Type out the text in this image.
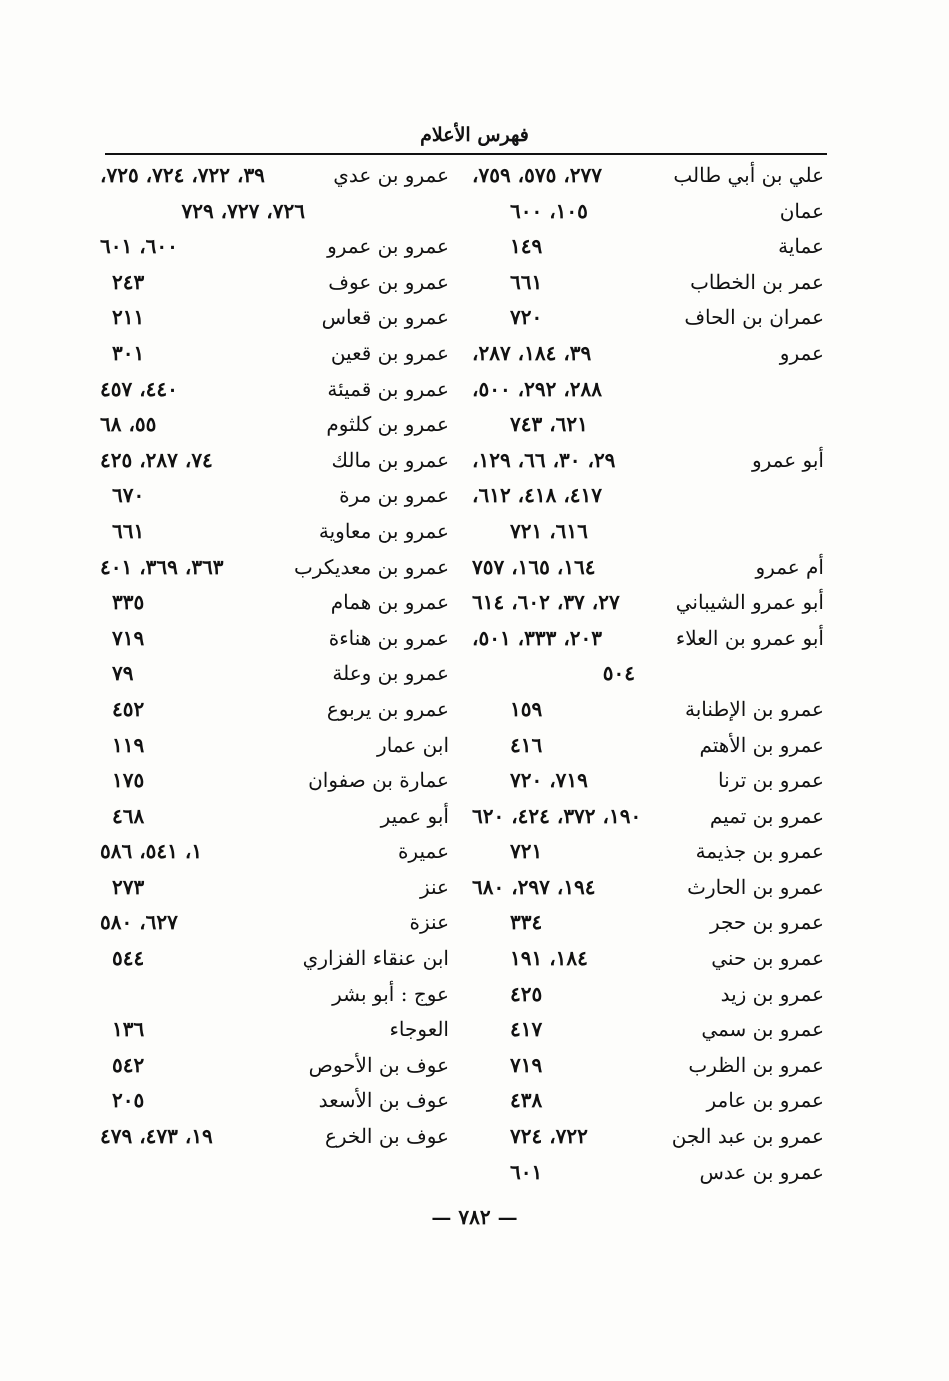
فهرس الأعلام
علي بن أبي طالب
٢٧٧، ٥٧٥، ٧٥٩،
عمان
١٠٥، ٦٠٠
عماية
١٤٩
عمر بن الخطاب
٦٦١
عمران بن الحاف
٧٢٠
عمرو
٣٩، ١٨٤، ٢٨٧،
٢٨٨، ٢٩٢، ٥٠٠،
٦٢١، ٧٤٣
أبو عمرو
٢٩، ٣٠، ٦٦، ١٢٩،
٤١٧، ٤١٨، ٦١٢،
٦١٦، ٧٢١
أم عمرو
١٦٤، ١٦٥، ٧٥٧
أبو عمرو الشيباني
٢٧، ٣٧، ٦٠٢، ٦١٤
أبو عمرو بن العلاء
٢٠٣، ٣٣٣، ٥٠١،
٥٠٤
عمرو بن الإطنابة
١٥٩
عمرو بن الأهتم
٤١٦
عمرو بن ترنا
٧١٩، ٧٢٠
عمرو بن تميم
١٩٠، ٣٧٢، ٤٢٤، ٦٢٠
عمرو بن جذيمة
٧٢١
عمرو بن الحارث
١٩٤، ٢٩٧، ٦٨٠
عمرو بن حجر
٣٣٤
عمرو بن حني
١٨٤، ١٩١
عمرو بن زيد
٤٢٥
عمرو بن سمي
٤١٧
عمرو بن الظرب
٧١٩
عمرو بن عامر
٤٣٨
عمرو بن عبد الجن
٧٢٢، ٧٢٤
عمرو بن عدس
٦٠١
عمرو بن عدي
٣٩، ٧٢٢، ٧٢٤، ٧٢٥،
٧٢٦، ٧٢٧، ٧٢٩
عمرو بن عمرو
٦٠٠، ٦٠١
عمرو بن عوف
٢٤٣
عمرو بن قعاس
٢١١
عمرو بن قعين
٣٠١
عمرو بن قميئة
٤٤٠، ٤٥٧
عمرو بن كلثوم
٥٥، ٦٨
عمرو بن مالك
٧٤، ٢٨٧، ٤٢٥
عمرو بن مرة
٦٧٠
عمرو بن معاوية
٦٦١
عمرو بن معديكرب
٣٦٣، ٣٦٩، ٤٠١
عمرو بن همام
٣٣٥
عمرو بن هناءة
٧١٩
عمرو بن وعلة
٧٩
عمرو بن يربوع
٤٥٢
ابن عمار
١١٩
عمارة بن صفوان
١٧٥
أبو عمير
٤٦٨
عميرة
١، ٥٤١، ٥٨٦
عنز
٢٧٣
عنزة
٦٢٧، ٥٨٠
ابن عنقاء الفزاري
٥٤٤
عوج : أبو بشر
العوجاء
١٣٦
عوف بن الأحوص
٥٤٢
عوف بن الأسعد
٢٠٥
عوف بن الخرع
١٩، ٤٧٣، ٤٧٩
— ٧٨٢ —
